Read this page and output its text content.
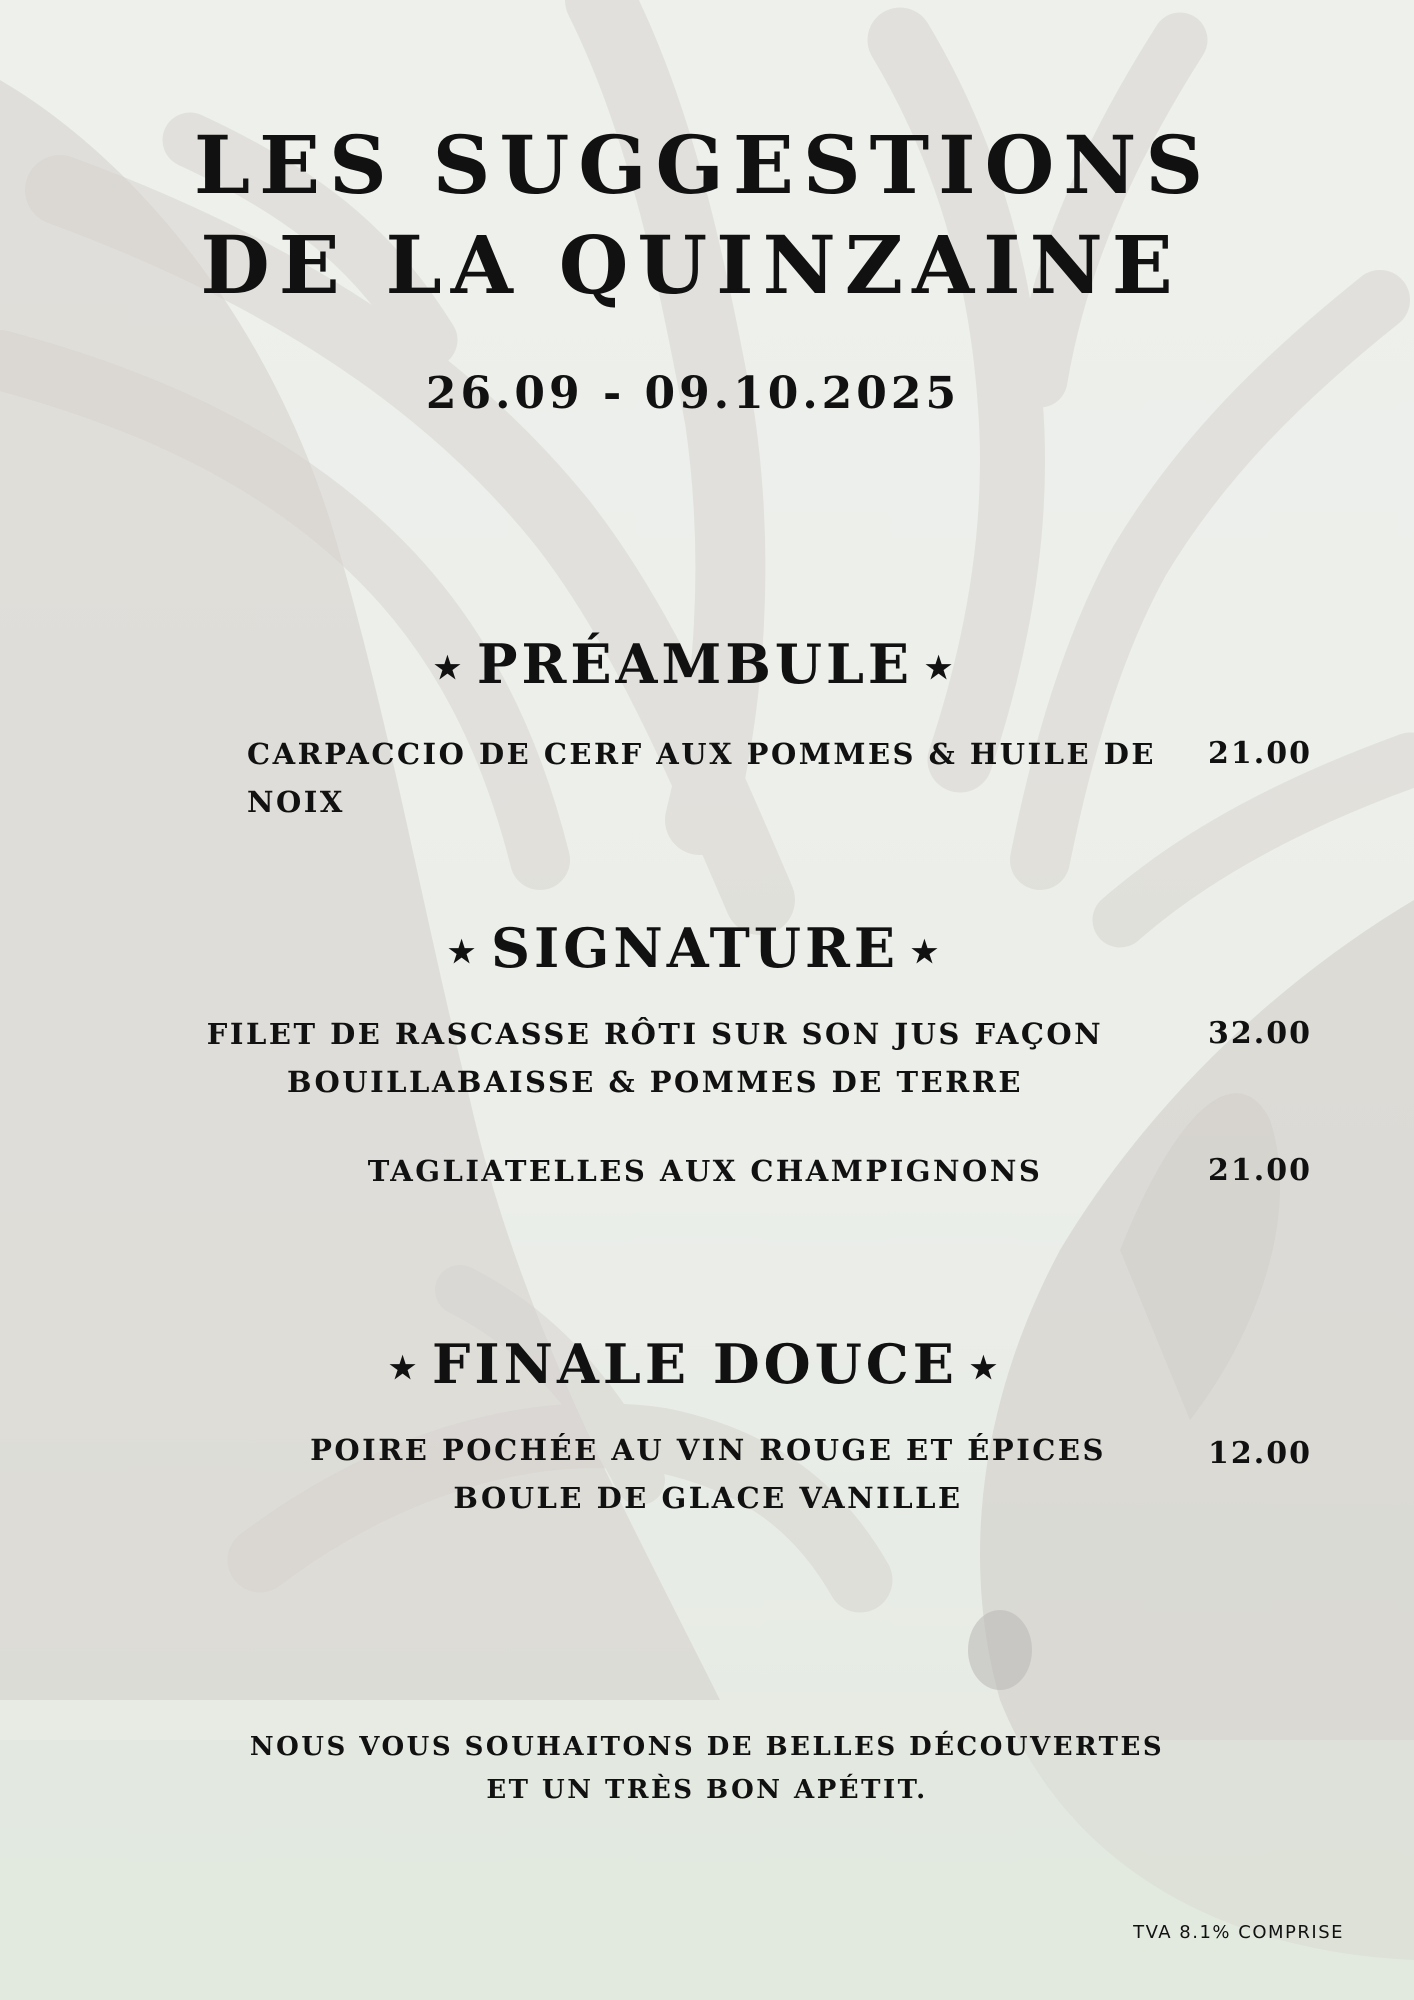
LES SUGGESTIONS
DE LA QUINZAINE
26.09 - 09.10.2025
★ PRÉAMBULE ★
CARPACCIO DE CERF AUX POMMES & HUILE DE NOIX
21.00
★ SIGNATURE ★
FILET DE RASCASSE RÔTI SUR SON JUS FAÇON
BOUILLABAISSE & POMMES DE TERRE
32.00
TAGLIATELLES AUX CHAMPIGNONS	21.00
★ FINALE DOUCE ★
POIRE POCHÉE AU VIN ROUGE ET ÉPICES
BOULE DE GLACE VANILLE
12.00
NOUS VOUS SOUHAITONS DE BELLES DÉCOUVERTES
ET UN TRÈS BON APÉTIT.
TVA 8.1% COMPRISE
